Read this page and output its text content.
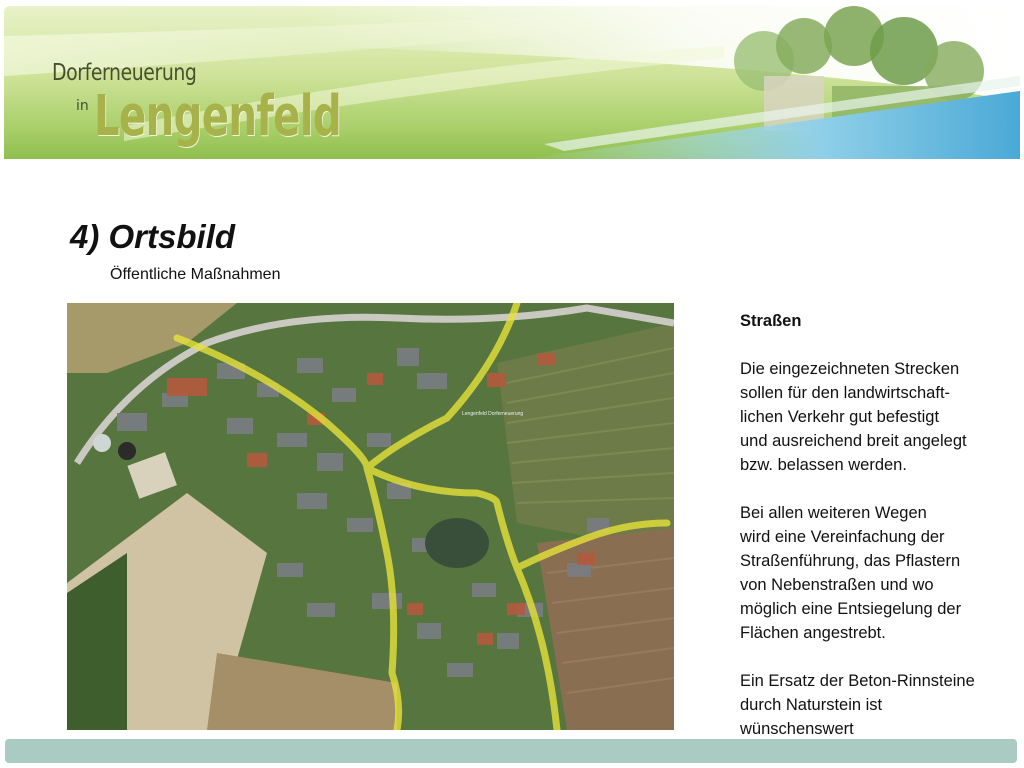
Dorferneuerung
in Lengenfeld
4) Ortsbild
Öffentliche Maßnahmen
Lengenfeld Dorferneuerung
Straßen
Die eingezeichneten Strecken
sollen für den landwirtschaft-
lichen Verkehr gut befestigt
und ausreichend breit angelegt
bzw. belassen werden.
Bei allen weiteren Wegen
wird eine Vereinfachung der
Straßenführung, das Pflastern
von Nebenstraßen und wo
möglich eine Entsiegelung der
Flächen angestrebt.
Ein Ersatz der Beton-Rinnsteine
durch Naturstein ist
wünschenswert
